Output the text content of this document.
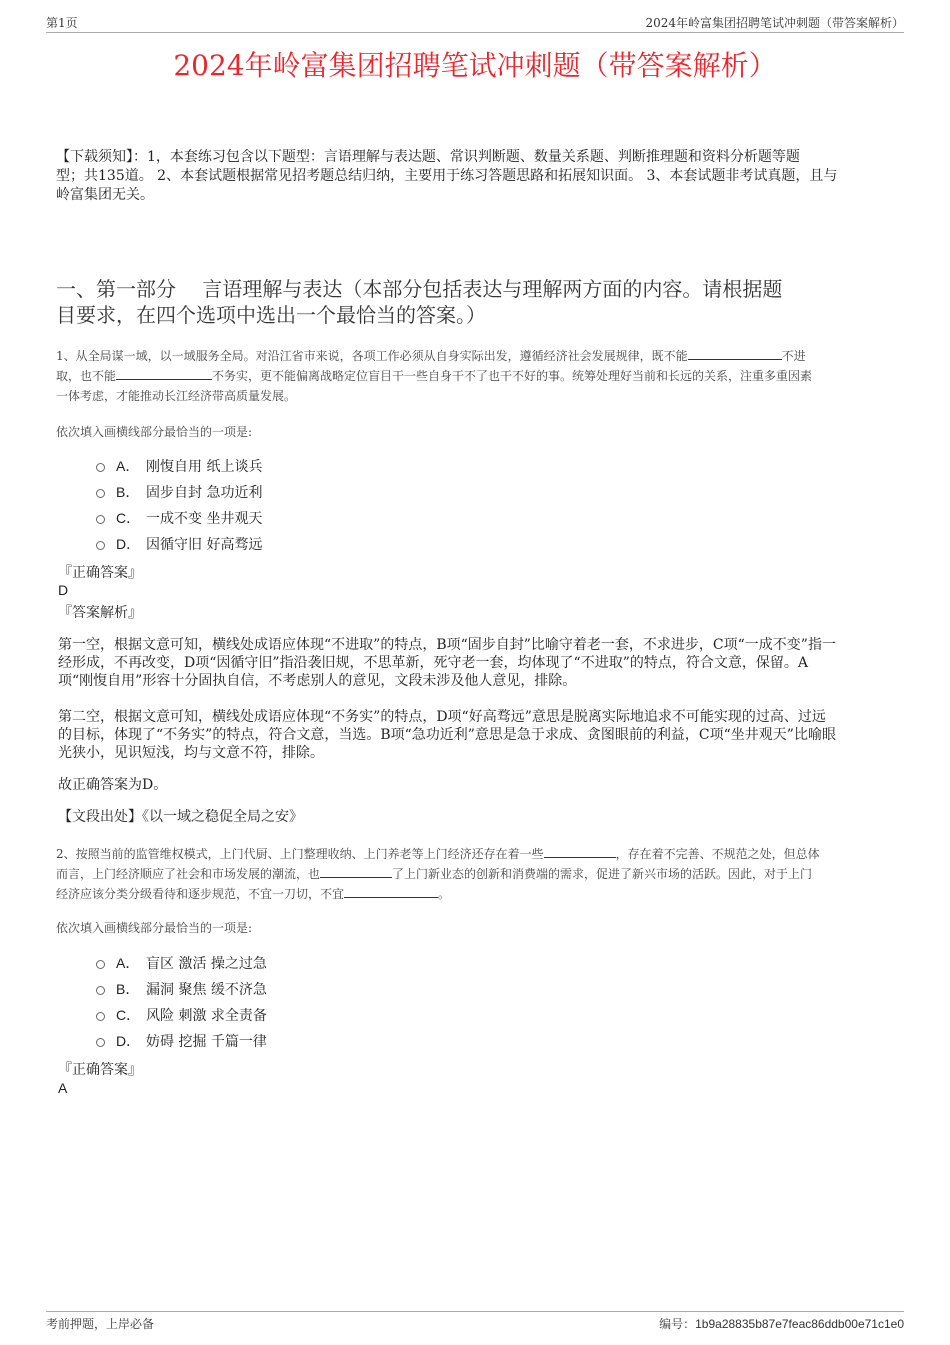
第1页	2024年岭富集团招聘笔试冲刺题（带答案解析）
2024年岭富集团招聘笔试冲刺题（带答案解析）
【下载须知】：1，本套练习包含以下题型：言语理解与表达题、常识判断题、数量关系题、判断推理题和资料分析题等题
型；共135道。 2、本套试题根据常见招考题总结归纳，主要用于练习答题思路和拓展知识面。 3、本套试题非考试真题，且与
岭富集团无关。
一、第一部分　 言语理解与表达（本部分包括表达与理解两方面的内容。请根据题
目要求，在四个选项中选出一个最恰当的答案。）
1、从全局谋一域，以一域服务全局。对沿江省市来说，各项工作必须从自身实际出发，遵循经济社会发展规律，既不能	不进
取，也不能	不务实，更不能偏离战略定位盲目干一些自身干不了也干不好的事。统筹处理好当前和长远的关系，注重多重因素
一体考虑，才能推动长江经济带高质量发展。
依次填入画横线部分最恰当的一项是:
A． 刚愎自用 纸上谈兵
B． 固步自封 急功近利
C． 一成不变 坐井观天
D． 因循守旧 好高骛远
『正确答案』
D
『答案解析』
第一空，根据文意可知，横线处成语应体现“不进取”的特点，B项“固步自封”比喻守着老一套，不求进步，C项“一成不变”指一
经形成，不再改变，D项“因循守旧”指沿袭旧规，不思革新，死守老一套，均体现了“不进取”的特点，符合文意，保留。A
项“刚愎自用”形容十分固执自信，不考虑别人的意见，文段未涉及他人意见，排除。
第二空，根据文意可知，横线处成语应体现“不务实”的特点，D项“好高骛远”意思是脱离实际地追求不可能实现的过高、过远
的目标，体现了“不务实”的特点，符合文意，当选。B项“急功近利”意思是急于求成、贪图眼前的利益，C项“坐井观天”比喻眼
光狭小，见识短浅，均与文意不符，排除。
故正确答案为D。
【文段出处】《以一域之稳促全局之安》
2、按照当前的监管维权模式，上门代厨、上门整理收纳、上门养老等上门经济还存在着一些	，存在着不完善、不规范之处，但总体
而言，上门经济顺应了社会和市场发展的潮流，也	了上门新业态的创新和消费端的需求，促进了新兴市场的活跃。因此，对于上门
经济应该分类分级看待和逐步规范，不宜一刀切，不宜	。
依次填入画横线部分最恰当的一项是:
A． 盲区 激活 操之过急
B． 漏洞 聚焦 缓不济急
C． 风险 刺激 求全责备
D． 妨碍 挖掘 千篇一律
『正确答案』
A
考前押题，上岸必备	编号：1b9a28835b87e7feac86ddb00e71c1e0
